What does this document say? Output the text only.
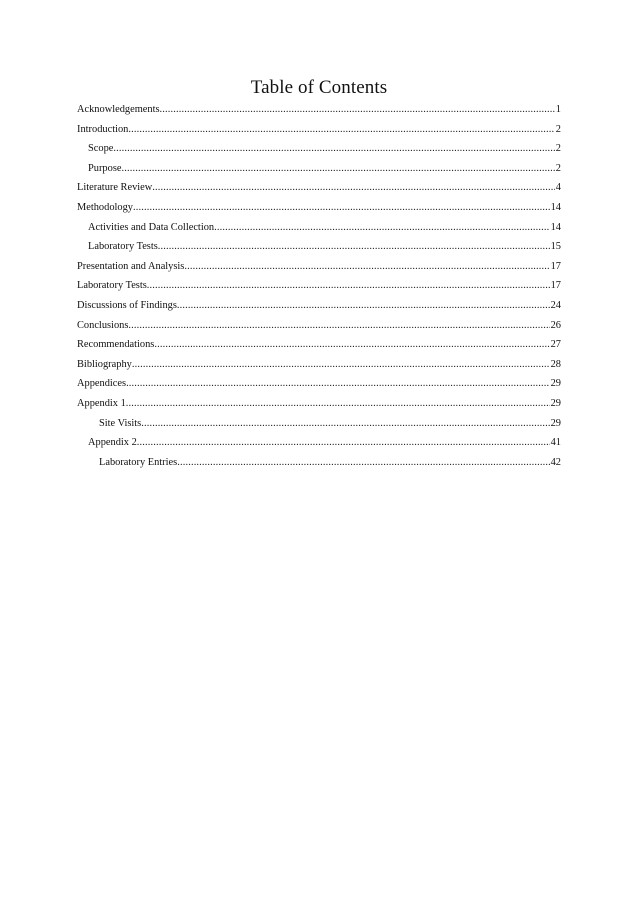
Table of Contents
Acknowledgements .....	1
Introduction .....	2
Scope .....	2
Purpose .....	2
Literature Review .....	4
Methodology .....	14
Activities and Data Collection .....	14
Laboratory Tests .....	15
Presentation and Analysis .....	17
Laboratory Tests .....	17
Discussions of Findings .....	24
Conclusions .....	26
Recommendations .....	27
Bibliography .....	28
Appendices .....	29
Appendix 1 .....	29
Site Visits .....	29
Appendix 2 .....	41
Laboratory Entries .....	42
